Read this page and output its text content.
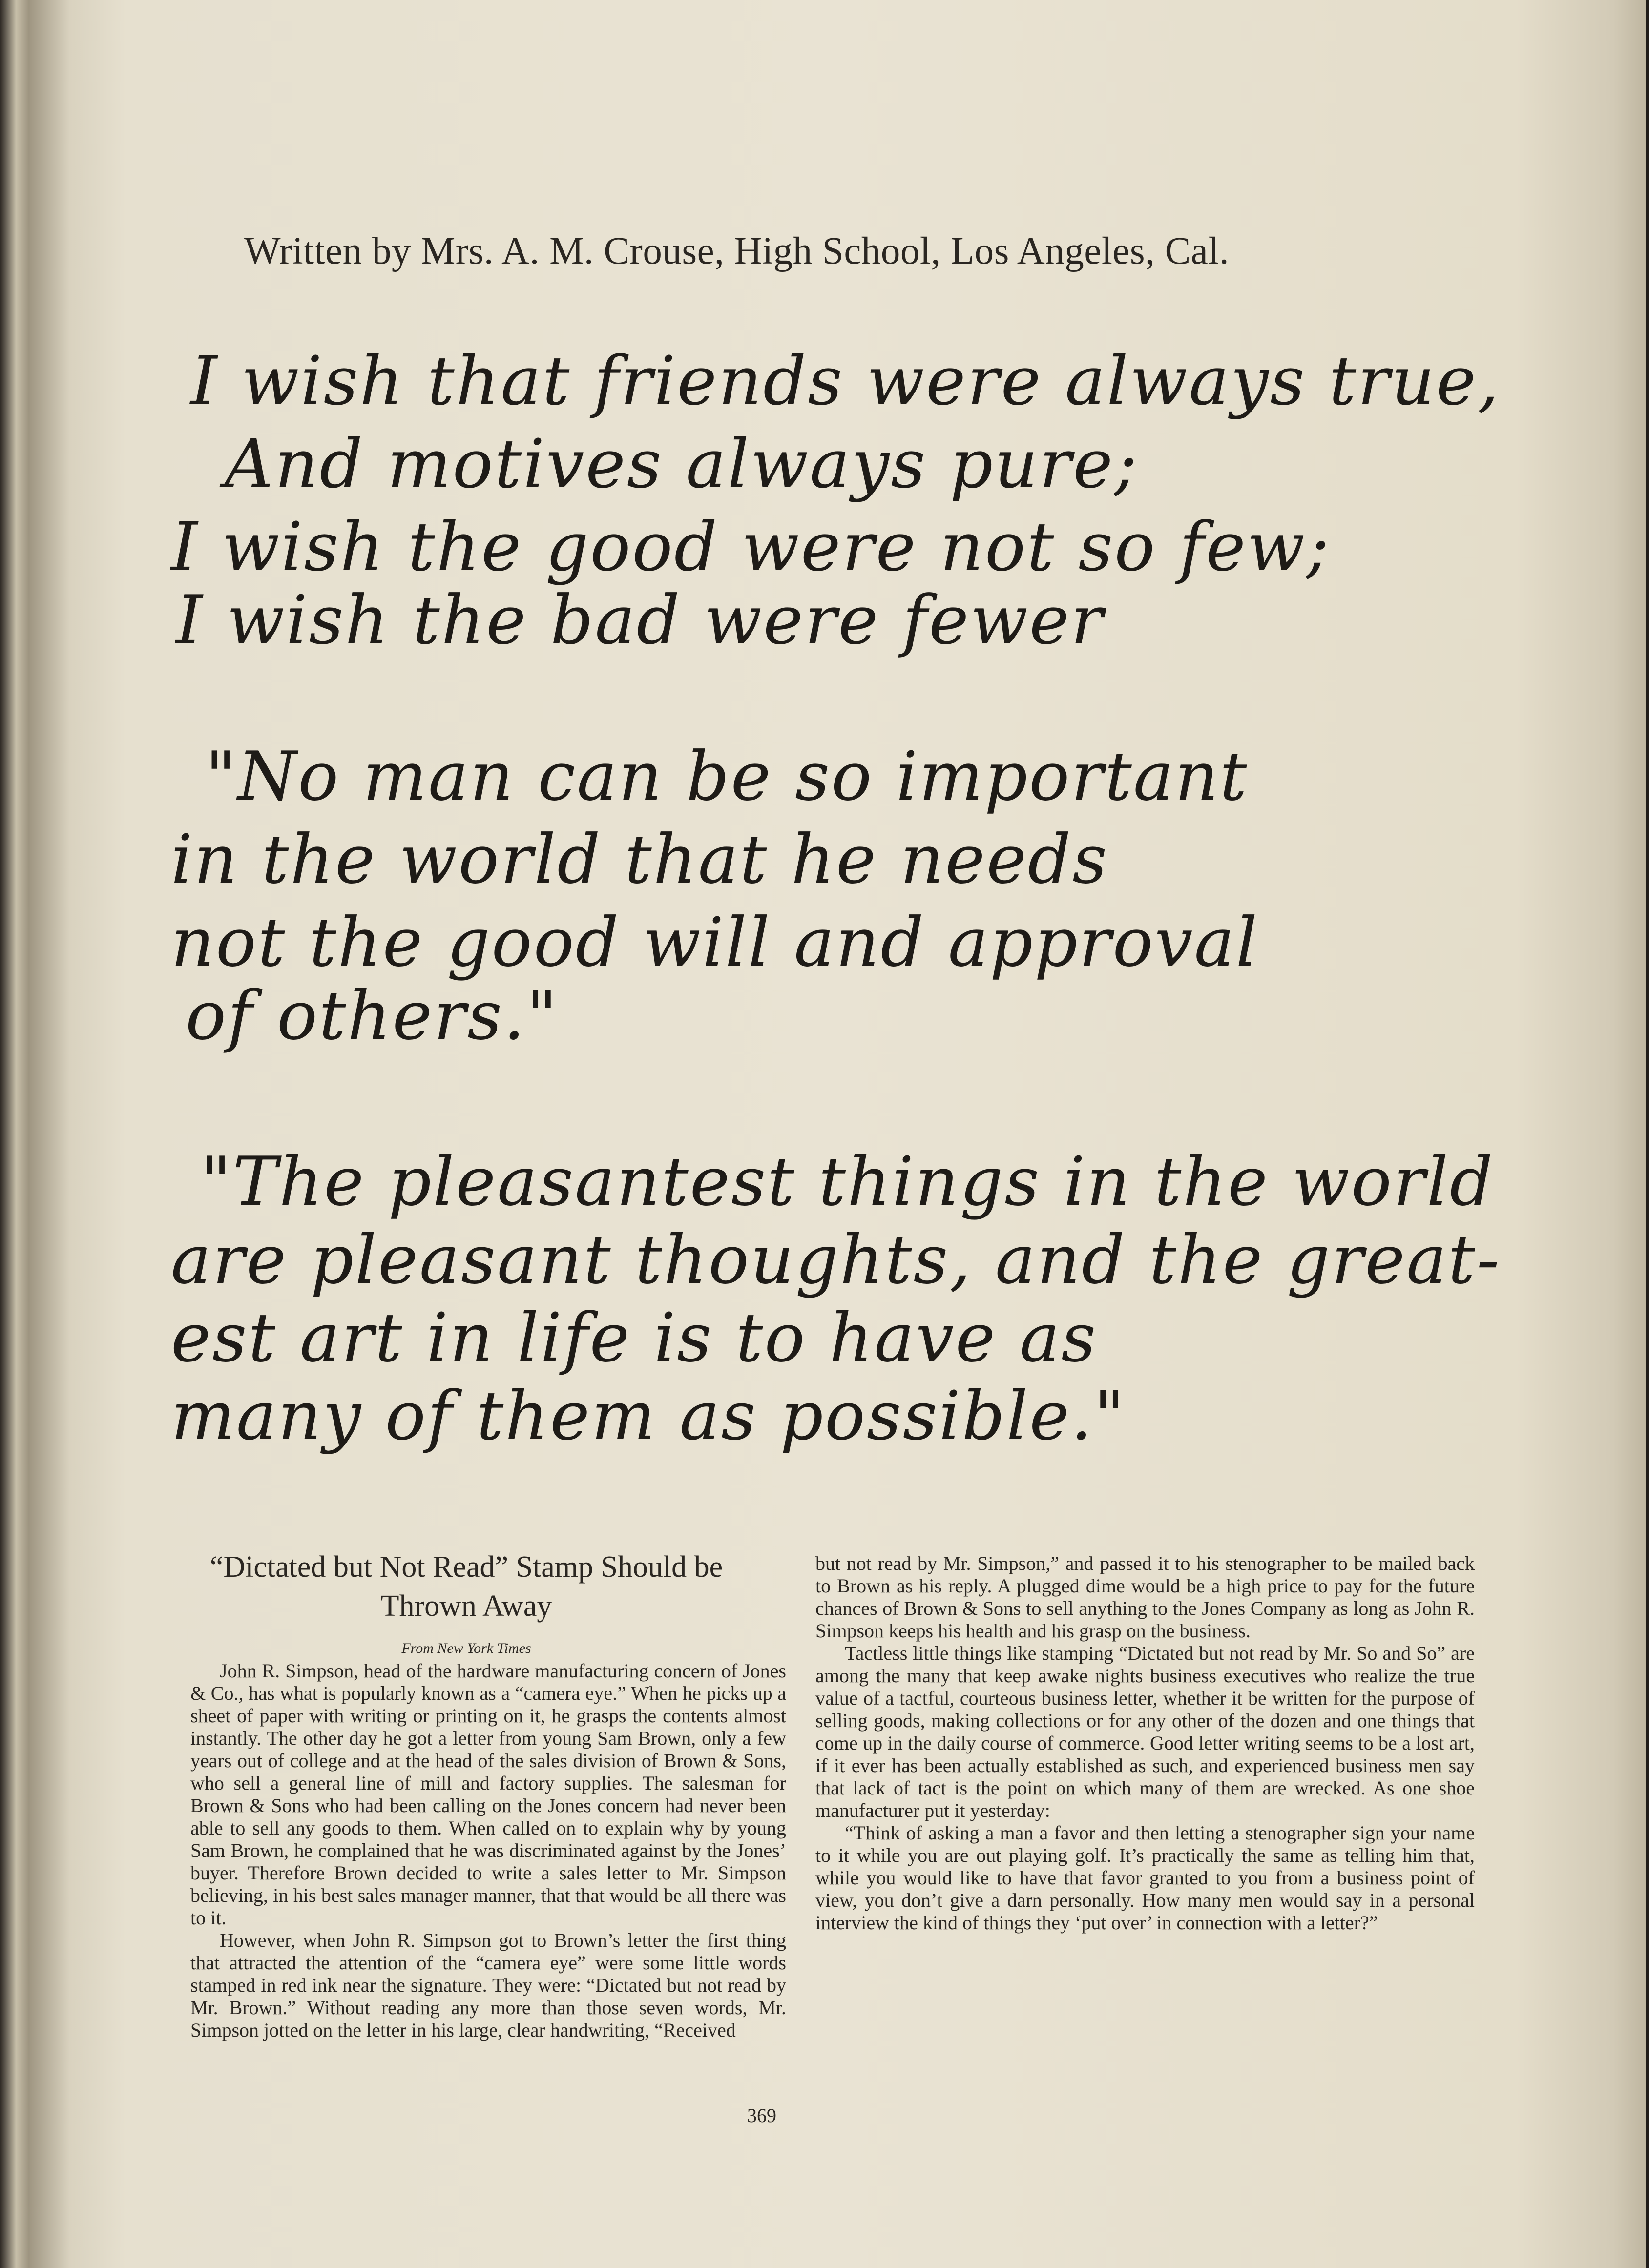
Written by Mrs. A. M. Crouse, High School, Los Angeles, Cal.
I wish that friends were always true,
And motives always pure;
I wish the good were not so few;
I wish the bad were fewer
"No man can be so important
in the world that he needs
not the good will and approval
of others."
"The pleasantest things in the world
are pleasant thoughts, and the great-
est art in life is to have as
many of them as possible."
“Dictated but Not Read” Stamp Should be
Thrown Away
From New York Times

John R. Simpson, head of the hardware manufacturing concern of Jones & Co., has what is popularly known as a “camera eye.” When he picks up a sheet of paper with writing or printing on it, he grasps the contents almost instantly. The other day he got a letter from young Sam Brown, only a few years out of college and at the head of the sales division of Brown & Sons, who sell a general line of mill and factory supplies. The salesman for Brown & Sons who had been calling on the Jones concern had never been able to sell any goods to them. When called on to explain why by young Sam Brown, he complained that he was discriminated against by the Jones’ buyer. Therefore Brown decided to write a sales letter to Mr. Simpson believing, in his best sales manager manner, that that would be all there was to it.

However, when John R. Simpson got to Brown’s letter the first thing that attracted the attention of the “camera eye” were some little words stamped in red ink near the signature. They were: “Dictated but not read by Mr. Brown.” Without reading any more than those seven words, Mr. Simpson jotted on the letter in his large, clear handwriting, “Received

but not read by Mr. Simpson,” and passed it to his stenographer to be mailed back to Brown as his reply. A plugged dime would be a high price to pay for the future chances of Brown & Sons to sell anything to the Jones Company as long as John R. Simpson keeps his health and his grasp on the business.

Tactless little things like stamping “Dictated but not read by Mr. So and So” are among the many that keep awake nights business executives who realize the true value of a tactful, courteous business letter, whether it be written for the purpose of selling goods, making collections or for any other of the dozen and one things that come up in the daily course of commerce. Good letter writing seems to be a lost art, if it ever has been actually established as such, and experienced business men say that lack of tact is the point on which many of them are wrecked. As one shoe manufacturer put it yesterday:

“Think of asking a man a favor and then letting a stenographer sign your name to it while you are out playing golf. It’s practically the same as telling him that, while you would like to have that favor granted to you from a business point of view, you don’t give a darn personally. How many men would say in a personal interview the kind of things they ‘put over’ in connection with a letter?”

369
